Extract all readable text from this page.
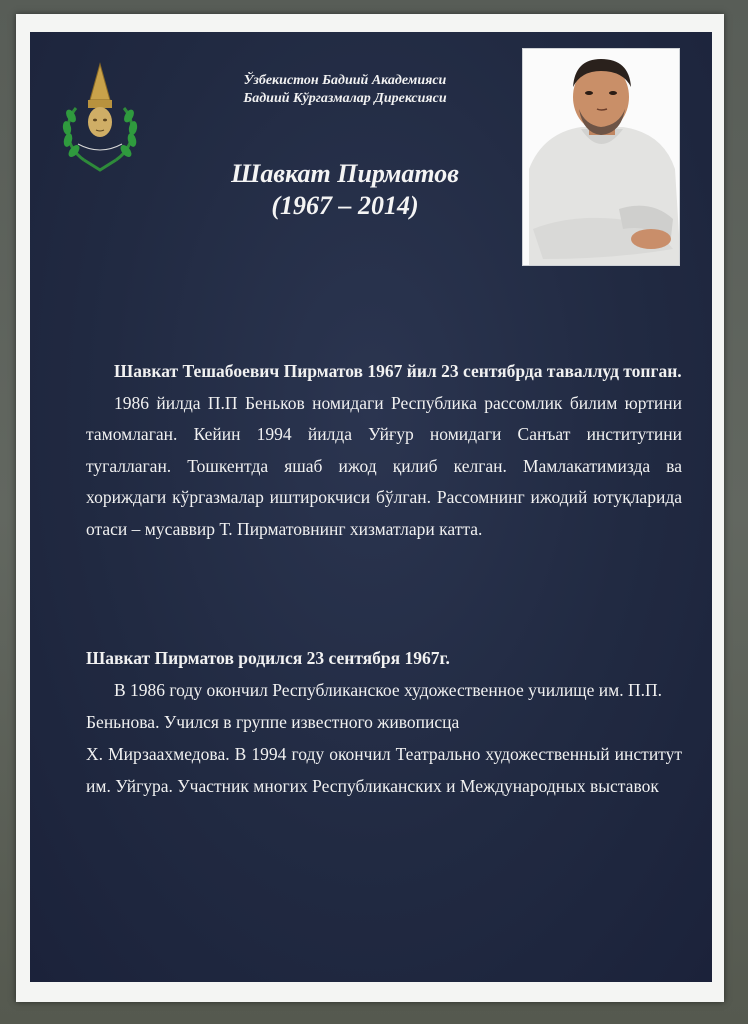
Ўзбекистон Бадиий Академияси
Бадиий Кўргазмалар Дирексияси
Шавкат Пирматов
(1967 – 2014)

Шавкат Тешабоевич Пирматов 1967 йил 23 сентябрда таваллуд топган.

1986 йилда П.П Беньков номидаги Республика рассомлик билим юртини тамомлаган. Кейин 1994 йилда Уйғур номидаги Санъат институтини тугаллаган. Тошкентда яшаб ижод қилиб келган. Мамлакатимизда ва хориждаги кўргазмалар иштирокчиси бўлган. Рассомнинг ижодий ютуқларида отаси – мусаввир Т. Пирматовнинг хизматлари катта.

Шавкат Пирматов родился 23 сентября 1967г.

В 1986 году окончил Республиканское художественное училище им. П.П. Беньнова. Учился в группе известного живописца

Х. Мирзаахмедова. В 1994 году окончил Театрально художественный институт им. Уйгура. Участник многих Республиканских и Международных выставок
